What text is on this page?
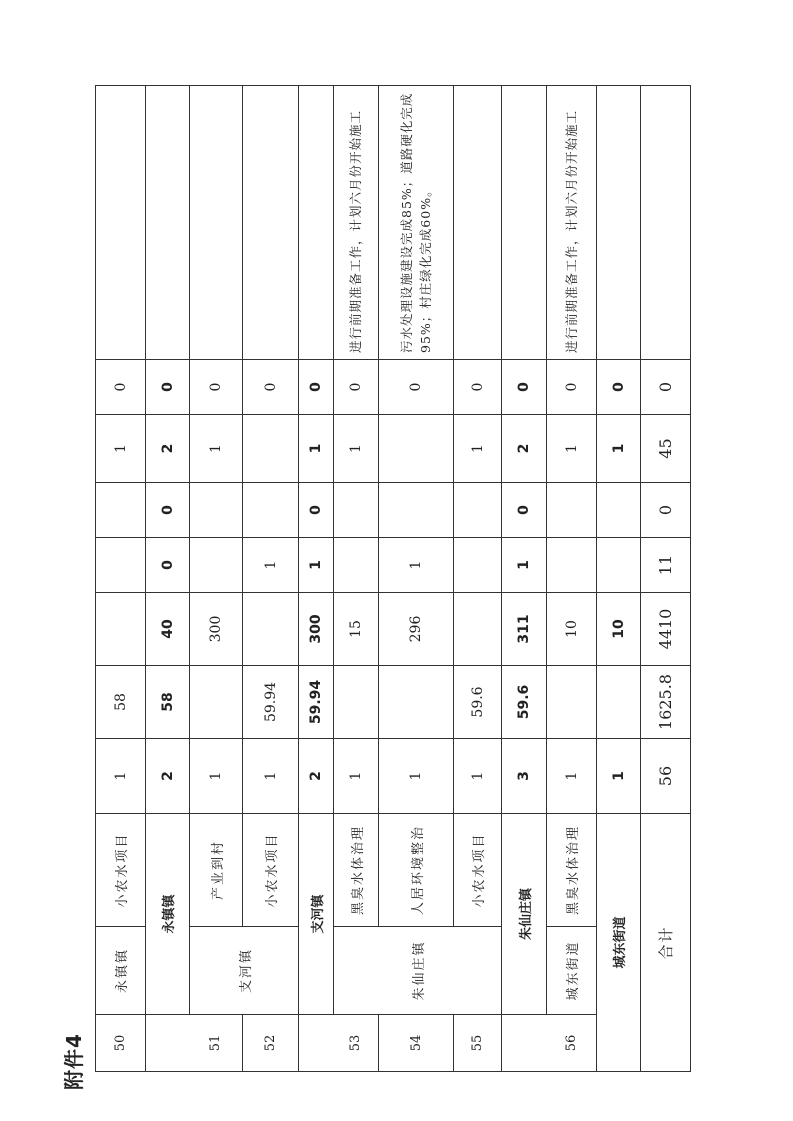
附件4 50	永镇镇	小农水项目	1	58				1	0	
	永镇镇		2	58	40	0	0	2	0	
51	支河镇	产业到村	1		300			1	0	
52		小农水项目	1	59.94		1			0	
	支河镇		2	59.94	300	1	0	1	0	
53	朱仙庄镇	黑臭水体治理	1		15			1	0	进行前期准备工作，计划六月份开始施工
54		人居环境整治	1		296	1			0	污水处理设施建设完成85%；道路硬化完成95%；村庄绿化完成60%。
55		小农水项目	1	59.6				1	0	
	朱仙庄镇		3	59.6	311	1	0	2	0	
56	城东街道	黑臭水体治理	1		10			1	0	进行前期准备工作，计划六月份开始施工
城东街道			1		10			1	0	
合计			56	1625.8	4410	11	0	45	0	
